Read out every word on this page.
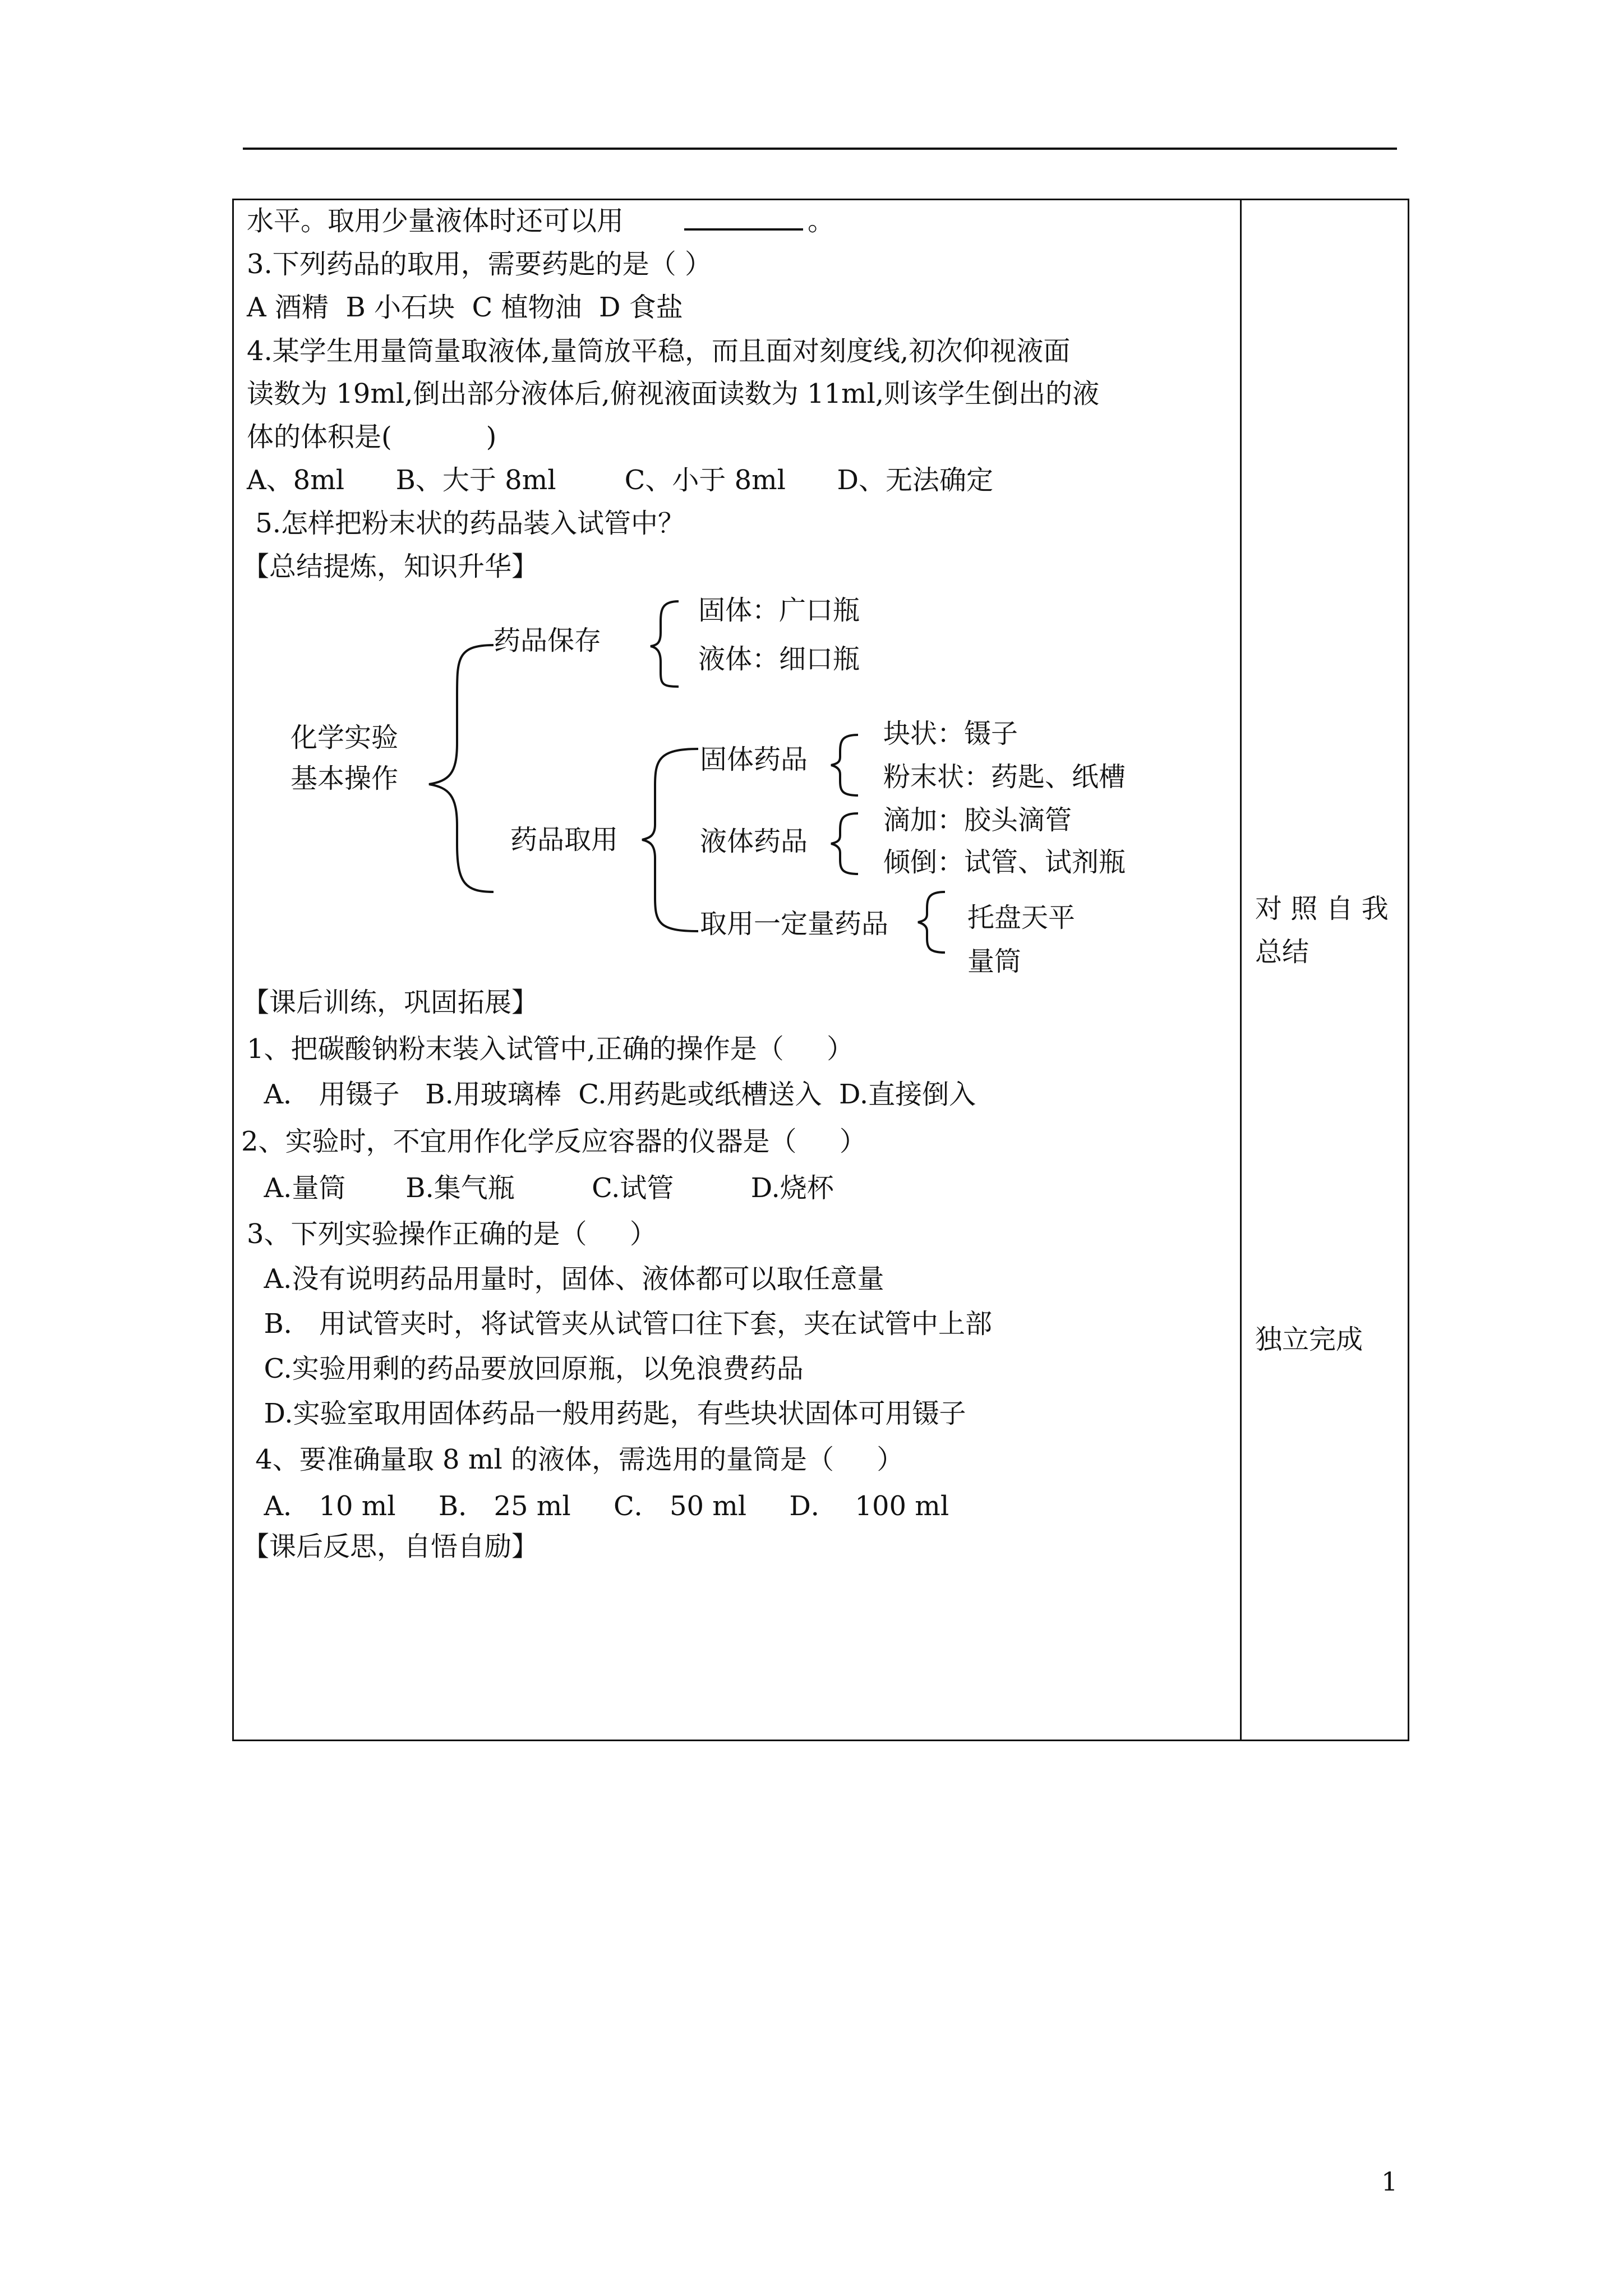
水平。取用少量液体时还可以用	。
3.下列药品的取用，需要药匙的是（ ）
A 酒精  B 小石块  C 植物油  D 食盐
4.某学生用量筒量取液体,量筒放平稳，而且面对刻度线,初次仰视液面
读数为 19ml,倒出部分液体后,俯视液面读数为 11ml,则该学生倒出的液
体的体积是(           )
A、8ml      B、大于 8ml        C、小于 8ml      D、无法确定
5.怎样把粉末状的药品装入试管中？
【总结提炼，知识升华】
化学实验
基本操作
药品保存
固体：广口瓶
液体：细口瓶
药品取用
固体药品
块状：镊子
粉末状：药匙、纸槽
液体药品
滴加：胶头滴管
倾倒：试管、试剂瓶
取用一定量药品	托盘天平
量筒
【课后训练，巩固拓展】
1、把碳酸钠粉末装入试管中,正确的操作是（     ）
A． 用镊子   B.用玻璃棒  C.用药匙或纸槽送入  D.直接倒入
2、实验时，不宜用作化学反应容器的仪器是（     ）
A.量筒       B.集气瓶         C.试管         D.烧杯
3、下列实验操作正确的是（     ）
A.没有说明药品用量时，固体、液体都可以取任意量
B． 用试管夹时，将试管夹从试管口往下套，夹在试管中上部
C.实验用剩的药品要放回原瓶，以免浪费药品
D.实验室取用固体药品一般用药匙，有些块状固体可用镊子
4、要准确量取 8 ml 的液体，需选用的量筒是（     ）
A． 10 ml     B． 25 ml     C． 50 ml     D．  100 ml
【课后反思，自悟自励】
对 照 自 我
总结
独立完成
1
